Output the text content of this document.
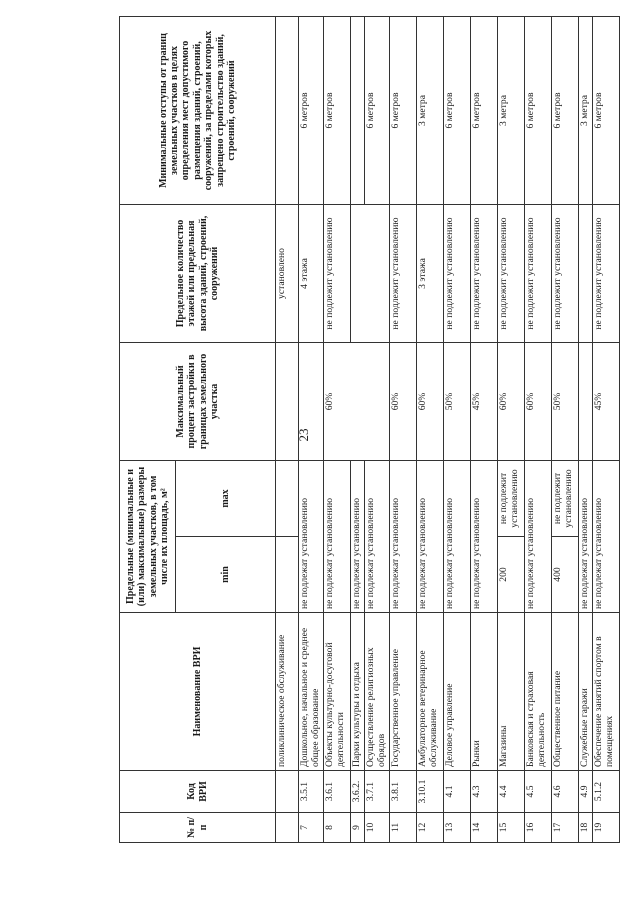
23
№ п/п	Код ВРИ	Наименование ВРИ	Предельные (минимальные и (или) максимальные) размеры земельных участков, в том числе их площадь, м²		Максимальный процент застройки в границах земельного участка	Предельное количество этажей или предельная высота зданий, строений, сооружений	Минимальные отступы от границ земельных участков в целях определения мест допустимого размещения зданий, строений, сооружений, за пределами которых запрещено строительство зданий, строений, сооружений
			min	max			
		поликлиническое обслуживание				установлено	
7	3.5.1	Дошкольное, начальное и среднее общее образование	не подлежат установлению			4 этажа	6 метров
8	3.6.1	Объекты культурно-досуговой деятельности	не подлежат установлению		60%	не подлежит установлению	6 метров
9	3.6.2.	Парки культуры и отдыха	не подлежат установлению				
10	3.7.1	Осуществление религиозных обрядов	не подлежат установлению				6 метров
11	3.8.1	Государственное управление	не подлежат установлению		60%	не подлежит установлению	6 метров
12	3.10.1	Амбулаторное ветеринарное обслуживание	не подлежат установлению		60%	3 этажа	3 метра
13	4.1	Деловое управление	не подлежат установлению		50%	не подлежит установлению	6 метров
14	4.3	Рынки	не подлежат установлению		45%	не подлежит установлению	6 метров
15	4.4	Магазины	200	не подлежит установлению	60%	не подлежит установлению	3 метра
16	4.5	Банковская и страховая деятельность	не подлежат установлению		60%	не подлежит установлению	6 метров
17	4.6	Общественное питание	400	не подлежит установлению	50%	не подлежит установлению	6 метров
18	4.9	Служебные гаражи	не подлежат установлению				3 метра
19	5.1.2	Обеспечение занятий спортом в помещениях	не подлежат установлению		45%	не подлежит установлению	6 метров
